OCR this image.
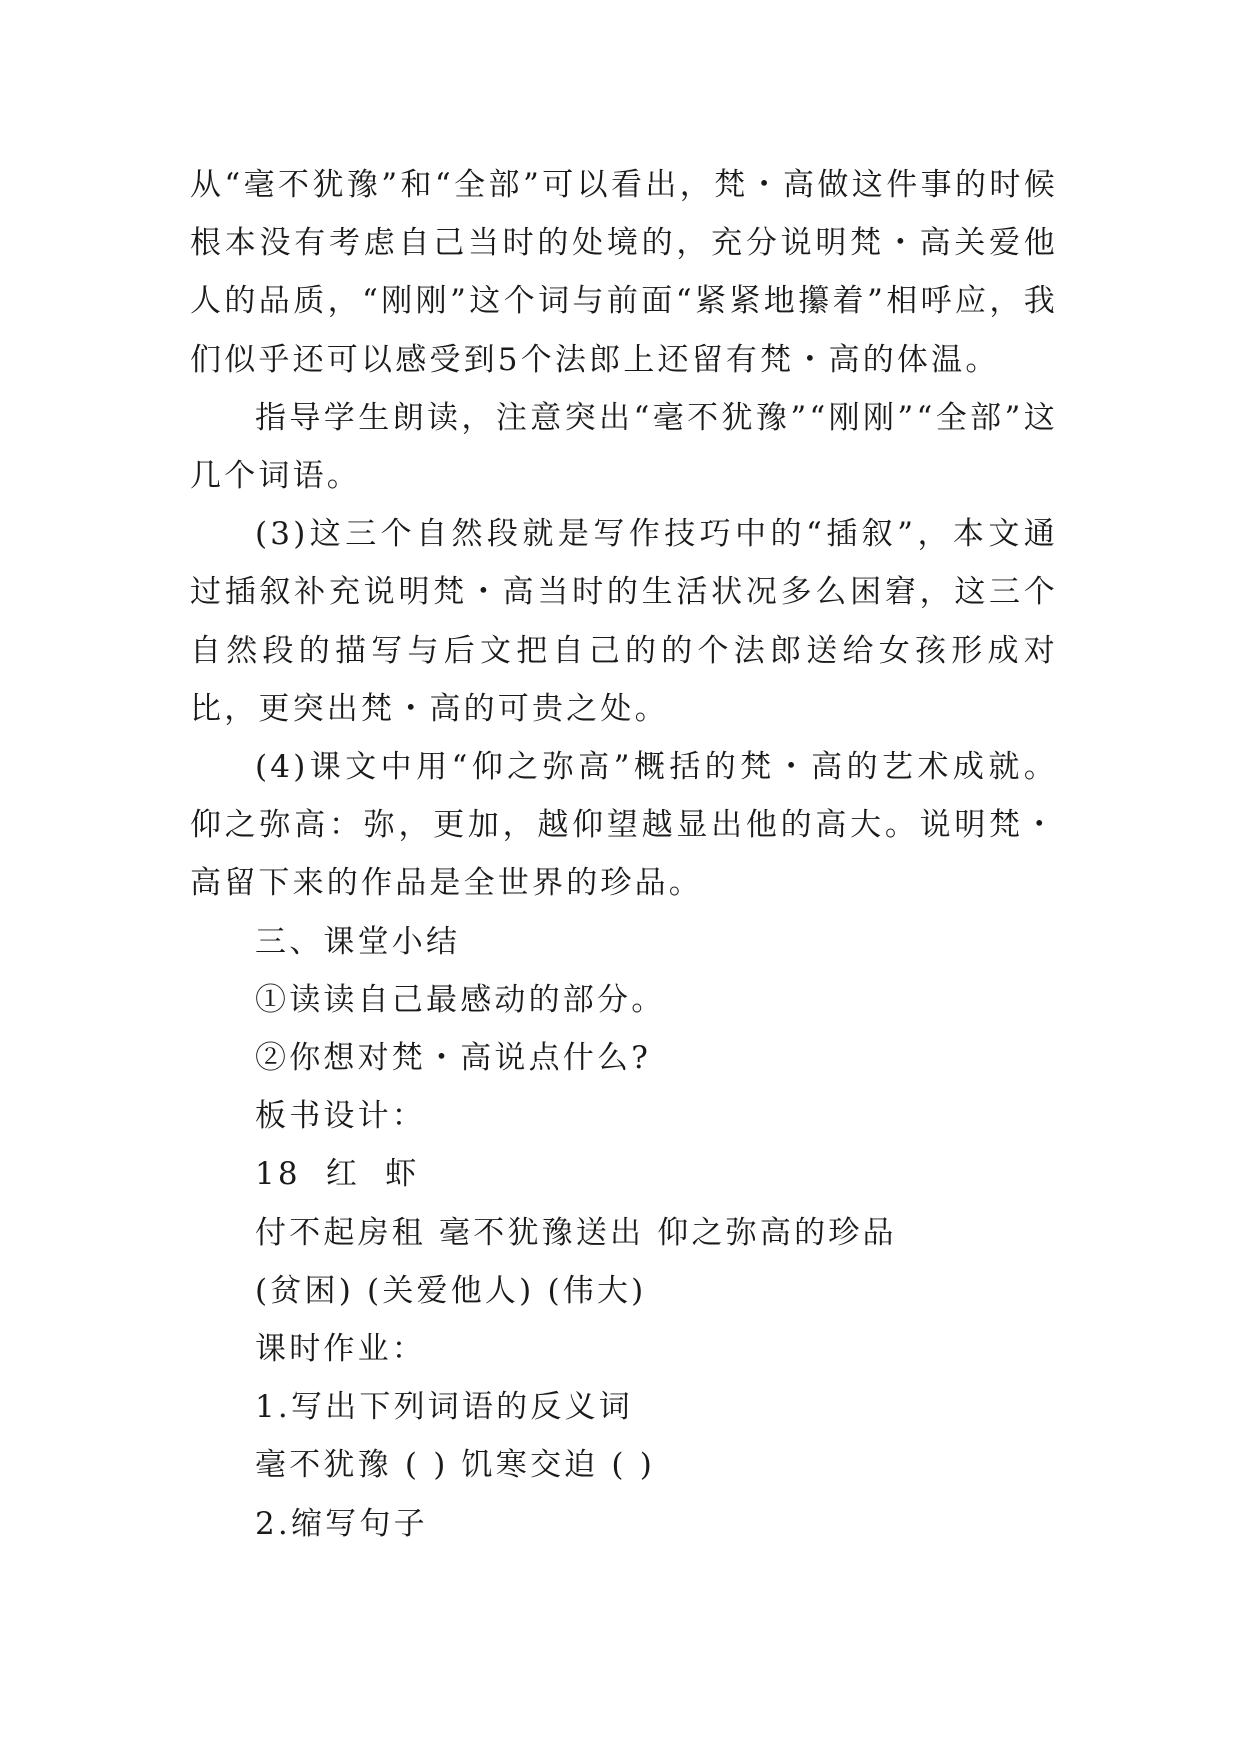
从“毫不犹豫”和“全部”可以看出，梵・高做这件事的时候根本没有考虑自己当时的处境的，充分说明梵・高关爱他人的品质，“刚刚”这个词与前面“紧紧地攥着”相呼应，我们似乎还可以感受到5个法郎上还留有梵・高的体温。

指导学生朗读，注意突出“毫不犹豫”“刚刚”“全部”这几个词语。

(3)这三个自然段就是写作技巧中的“插叙”，本文通过插叙补充说明梵・高当时的生活状况多么困窘，这三个自然段的描写与后文把自己的的个法郎送给女孩形成对比，更突出梵・高的可贵之处。

(4)课文中用“仰之弥高”概括的梵・高的艺术成就。仰之弥高：弥，更加，越仰望越显出他的高大。说明梵・高留下来的作品是全世界的珍品。

三、课堂小结

①读读自己最感动的部分。

②你想对梵・高说点什么?

板书设计：

18 红 虾

付不起房租 毫不犹豫送出 仰之弥高的珍品

(贫困) (关爱他人) (伟大)

课时作业：

1.写出下列词语的反义词

毫不犹豫 ( ) 饥寒交迫 ( )

2.缩写句子
